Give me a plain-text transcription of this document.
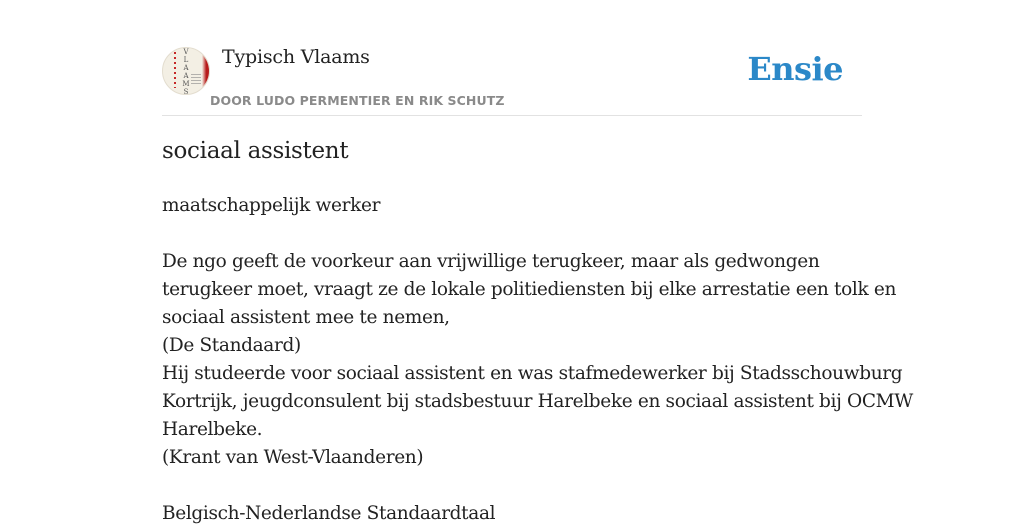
V
L
A
A
M
S
Typisch Vlaams
DOOR LUDO PERMENTIER EN RIK SCHUTZ
Ensie
sociaal assistent
maatschappelijk werker
De ngo geeft de voorkeur aan vrijwillige terugkeer, maar als gedwongen
terugkeer moet, vraagt ze de lokale politiediensten bij elke arrestatie een tolk en
sociaal assistent mee te nemen,
(De Standaard)
Hij studeerde voor sociaal assistent en was stafmedewerker bij Stadsschouwburg
Kortrijk, jeugdconsulent bij stadsbestuur Harelbeke en sociaal assistent bij OCMW
Harelbeke.
(Krant van West-Vlaanderen)
Belgisch-Nederlandse Standaardtaal
